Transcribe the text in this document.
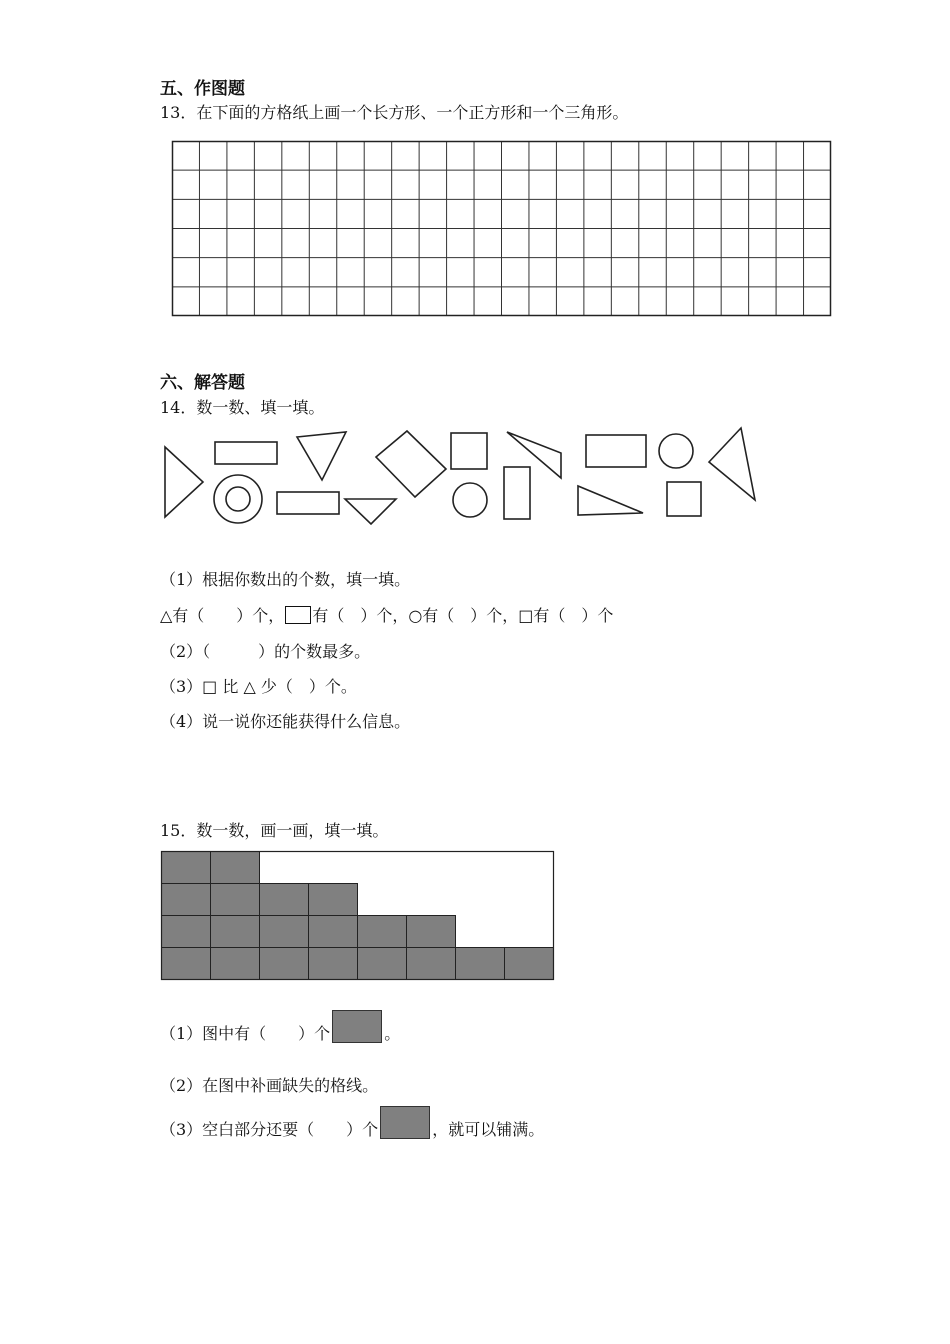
五、作图题
13．在下面的方格纸上画一个长方形、一个正方形和一个三角形。
六、解答题
14．数一数、填一填。
（1）根据你数出的个数，填一填。
△有（　　）个， 有（　）个，○有（　）个，□有（　）个
（2）（　　　）的个数最多。
（3）□ 比 △ 少（　）个。
（4）说一说你还能获得什么信息。
15．数一数，画一画，填一填。
（1）图中有（　　）个	。
（2）在图中补画缺失的格线。
（3）空白部分还要（　　）个	，就可以铺满。
